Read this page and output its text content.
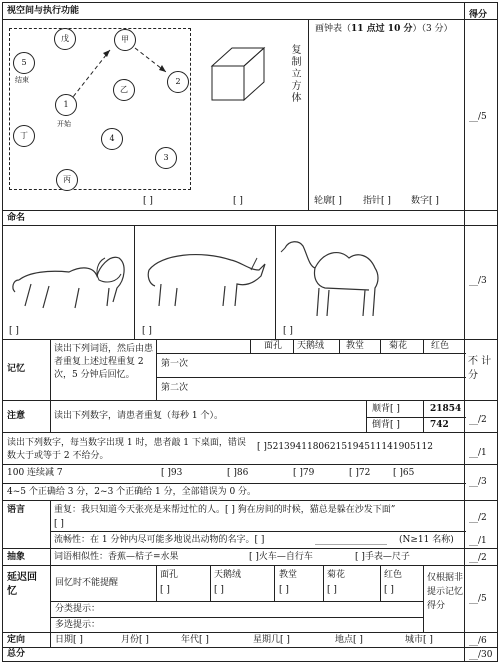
视空间与执行功能	得分
戊	甲
5
结束
乙
2
1
开始
丁	4
3
丙
复制立方体
画钟表（11 点过 10 分）（3 分）
[ ]	[ ]	轮廓[ ] 指针[ ] 数字[ ]
__/5
命名
[ ]	[ ]	[ ]
__/3
记忆
读出下列词语，然后由患者重复上述过程重复 2 次，5 分钟后回忆。
面孔 天鹅绒 教堂	菊花	红色
第一次
第二次
不 计 分
注意	读出下列数字，请患者重复（每秒 1 个）。
顺背[ ]	21854
倒背[ ]	742 __/2
读出下列数字，每当数字出现 1 时，患者敲 1 下桌面，错误数大于或等于 2 不给分。
[ ]52139411806215194511141905112
__/1
100 连续减 7	[ ]93	[ ]86	[ ]79	[ ]72	[ ]65
4~5 个正确给 3 分，2~3 个正确给 1 分，全部错误为 0 分。
__/3
语言	重复：我只知道今天张亮是来帮过忙的人。[ ] 狗在房间的时候，猫总是躲在沙发下面”
[ ]
流畅性：在 1 分钟内尽可能多地说出动物的名字。[ ]	________________ (N≥11 名称)
__/2
__/1
抽象	词语相似性：香蕉—桔子=水果	[ ]火车—自行车	[ ]手表—尺子	__/2
延迟回忆
回忆时不能提醒
面孔	天鹅绒	教堂	菊花	红色
[ ]	[ ]	[ ]	[ ]	[ ]
分类提示：
多选提示：
仅根据非提示记忆得分
__/5
定向	日期[ ]	月份[ ]	年代[ ]	星期几[ ]	地点[ ]	城市[ ]	__/6
总分	__/30
